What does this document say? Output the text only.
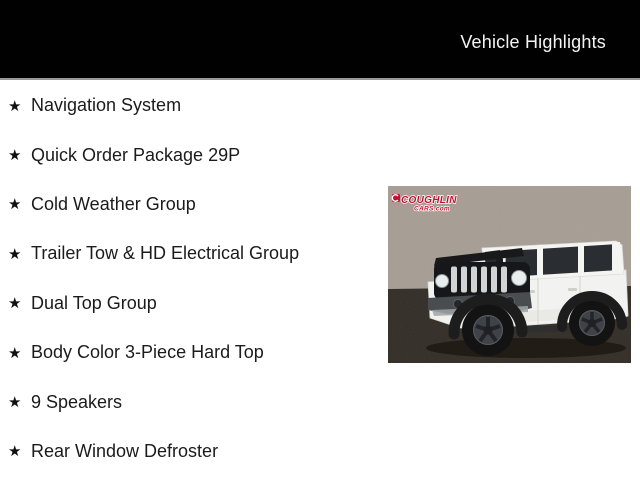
Vehicle Highlights
★ Navigation System
★ Quick Order Package 29P
★ Cold Weather Group
★ Trailer Tow & HD Electrical Group
★ Dual Top Group
★ Body Color 3-Piece Hard Top
★ 9 Speakers
★ Rear Window Defroster
COUGHLIN
CARS.com
